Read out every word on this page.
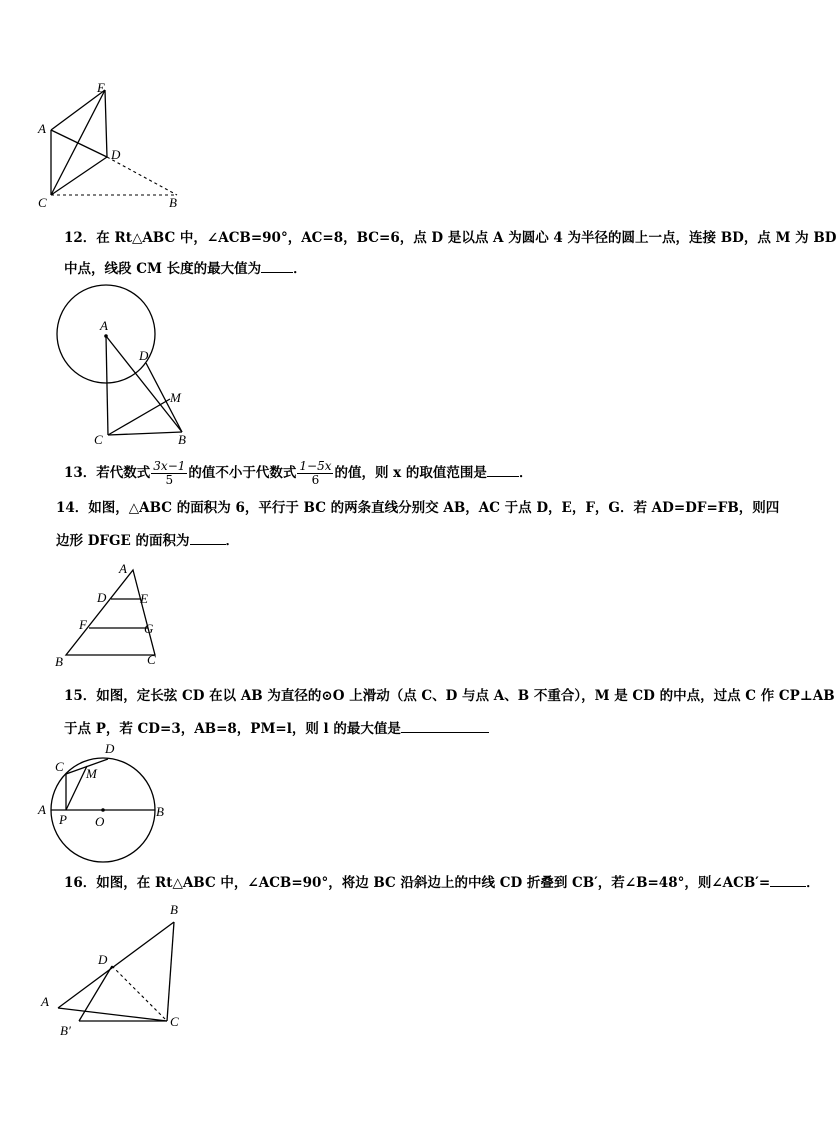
E
A
D
C	B
12．在 Rt△ABC 中，∠ACB=90°，AC=8，BC=6，点 D 是以点 A 为圆心 4 为半径的圆上一点，连接 BD，点 M 为 BD
中点，线段 CM 长度的最大值为 ．
A
D
M
C	B
13．若代数式 $\frac{3x-1}{5}$ 的值不小于代数式 $\frac{1-5x}{6}$ 的值，则 x 的取值范围是 ．
14．如图，△ABC 的面积为 6，平行于 BC 的两条直线分别交 AB，AC 于点 D，E，F，G．若 AD=DF=FB，则四
边形 DFGE 的面积为	．
A
D	E
F	G
B	C
15．如图，定长弦 CD 在以 AB 为直径的⊙O 上滑动（点 C、D 与点 A、B 不重合），M 是 CD 的中点，过点 C 作 CP⊥AB
于点 P，若 CD=3，AB=8，PM=l，则 l 的最大值是
D
C M
A
P O
B
16．如图，在 Rt△ABC 中，∠ACB=90°，将边 BC 沿斜边上的中线 CD 折叠到 CB′，若∠B=48°，则∠ACB′=	．
B
D
A
B′
C
